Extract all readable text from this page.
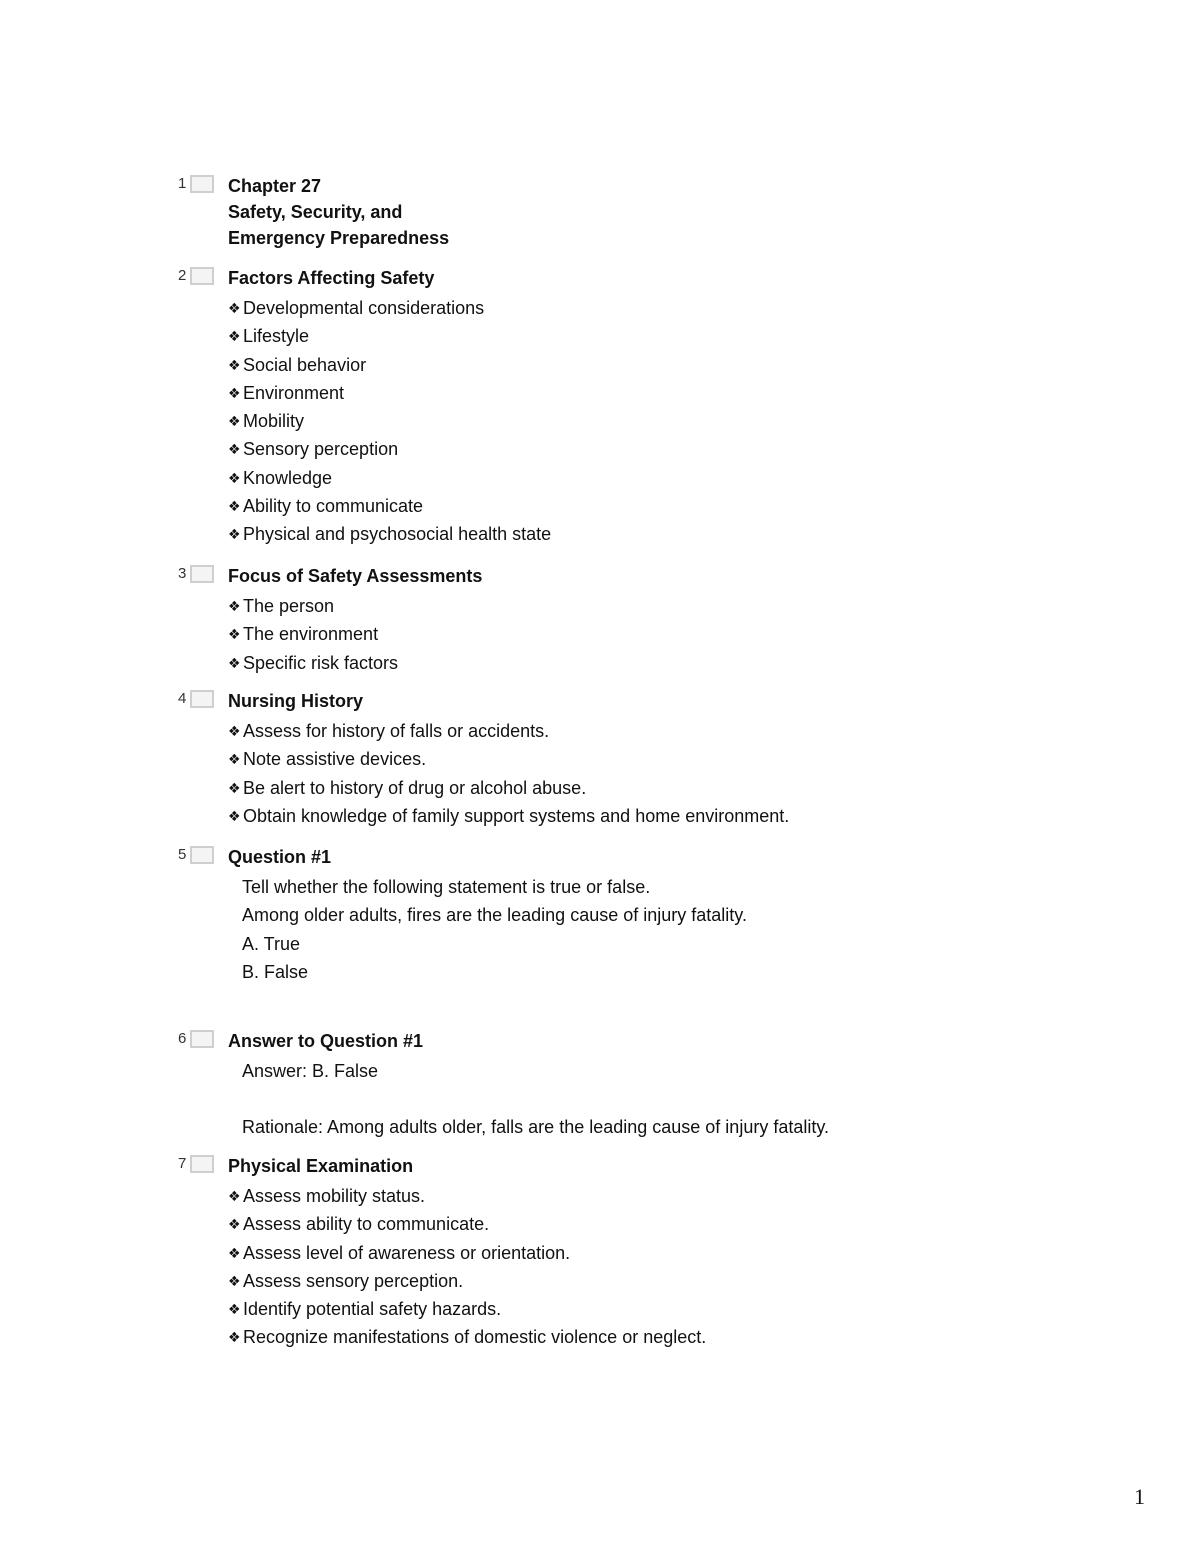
1 Chapter 27
Safety, Security, and
Emergency Preparedness
2 Factors Affecting Safety
❖ Developmental considerations
❖ Lifestyle
❖ Social behavior
❖ Environment
❖ Mobility
❖ Sensory perception
❖ Knowledge
❖ Ability to communicate
❖ Physical and psychosocial health state
3 Focus of Safety Assessments
❖ The person
❖ The environment
❖ Specific risk factors
4 Nursing History
❖ Assess for history of falls or accidents.
❖ Note assistive devices.
❖ Be alert to history of drug or alcohol abuse.
❖ Obtain knowledge of family support systems and home environment.
5 Question #1
Tell whether the following statement is true or false.
Among older adults, fires are the leading cause of injury fatality.
A. True
B. False
6 Answer to Question #1
Answer: B. False
Rationale: Among adults older, falls are the leading cause of injury fatality.
7 Physical Examination
❖ Assess mobility status.
❖ Assess ability to communicate.
❖ Assess level of awareness or orientation.
❖ Assess sensory perception.
❖ Identify potential safety hazards.
❖ Recognize manifestations of domestic violence or neglect.
1
